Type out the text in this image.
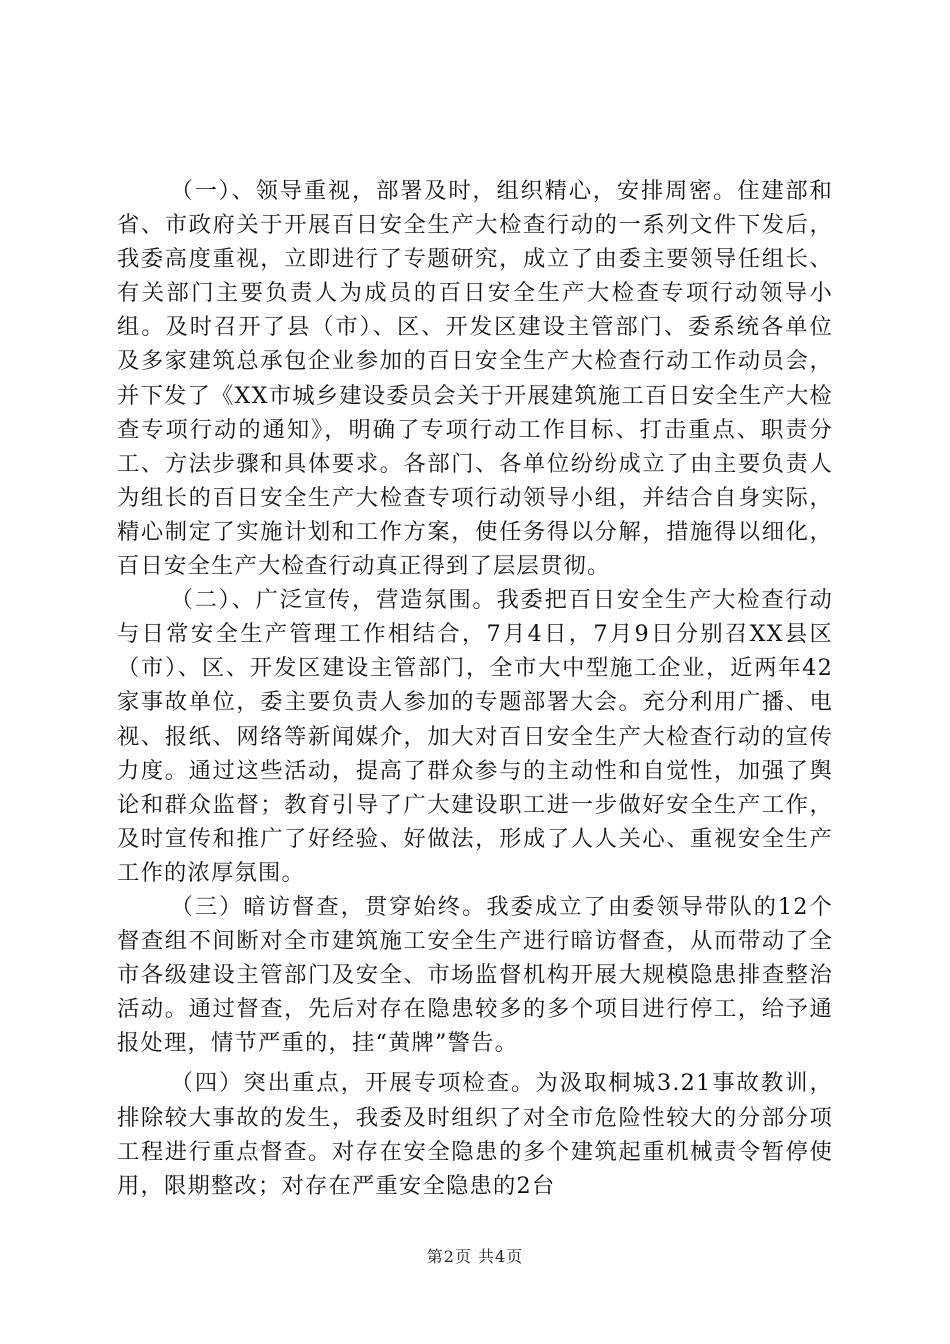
（一）、领导重视，部署及时，组织精心，安排周密。住建部和省、市政府关于开展百日安全生产大检查行动的一系列文件下发后，我委高度重视，立即进行了专题研究，成立了由委主要领导任组长、有关部门主要负责人为成员的百日安全生产大检查专项行动领导小组。及时召开了县（市）、区、开发区建设主管部门、委系统各单位及多家建筑总承包企业参加的百日安全生产大检查行动工作动员会，并下发了《XX市城乡建设委员会关于开展建筑施工百日安全生产大检查专项行动的通知》，明确了专项行动工作目标、打击重点、职责分工、方法步骤和具体要求。各部门、各单位纷纷成立了由主要负责人为组长的百日安全生产大检查专项行动领导小组，并结合自身实际，精心制定了实施计划和工作方案，使任务得以分解，措施得以细化，百日安全生产大检查行动真正得到了层层贯彻。

（二）、广泛宣传，营造氛围。我委把百日安全生产大检查行动与日常安全生产管理工作相结合，7月4日，7月9日分别召XX县区（市）、区、开发区建设主管部门，全市大中型施工企业，近两年42家事故单位，委主要负责人参加的专题部署大会。充分利用广播、电视、报纸、网络等新闻媒介，加大对百日安全生产大检查行动的宣传力度。通过这些活动，提高了群众参与的主动性和自觉性，加强了舆论和群众监督；教育引导了广大建设职工进一步做好安全生产工作，及时宣传和推广了好经验、好做法，形成了人人关心、重视安全生产工作的浓厚氛围。

（三）暗访督查，贯穿始终。我委成立了由委领导带队的12个督查组不间断对全市建筑施工安全生产进行暗访督查，从而带动了全市各级建设主管部门及安全、市场监督机构开展大规模隐患排查整治活动。通过督查，先后对存在隐患较多的多个项目进行停工，给予通报处理，情节严重的，挂“黄牌”警告。

（四）突出重点，开展专项检查。为汲取桐城3.21事故教训，排除较大事故的发生，我委及时组织了对全市危险性较大的分部分项工程进行重点督查。对存在安全隐患的多个建筑起重机械责令暂停使用，限期整改；对存在严重安全隐患的2台

第2页 共4页
